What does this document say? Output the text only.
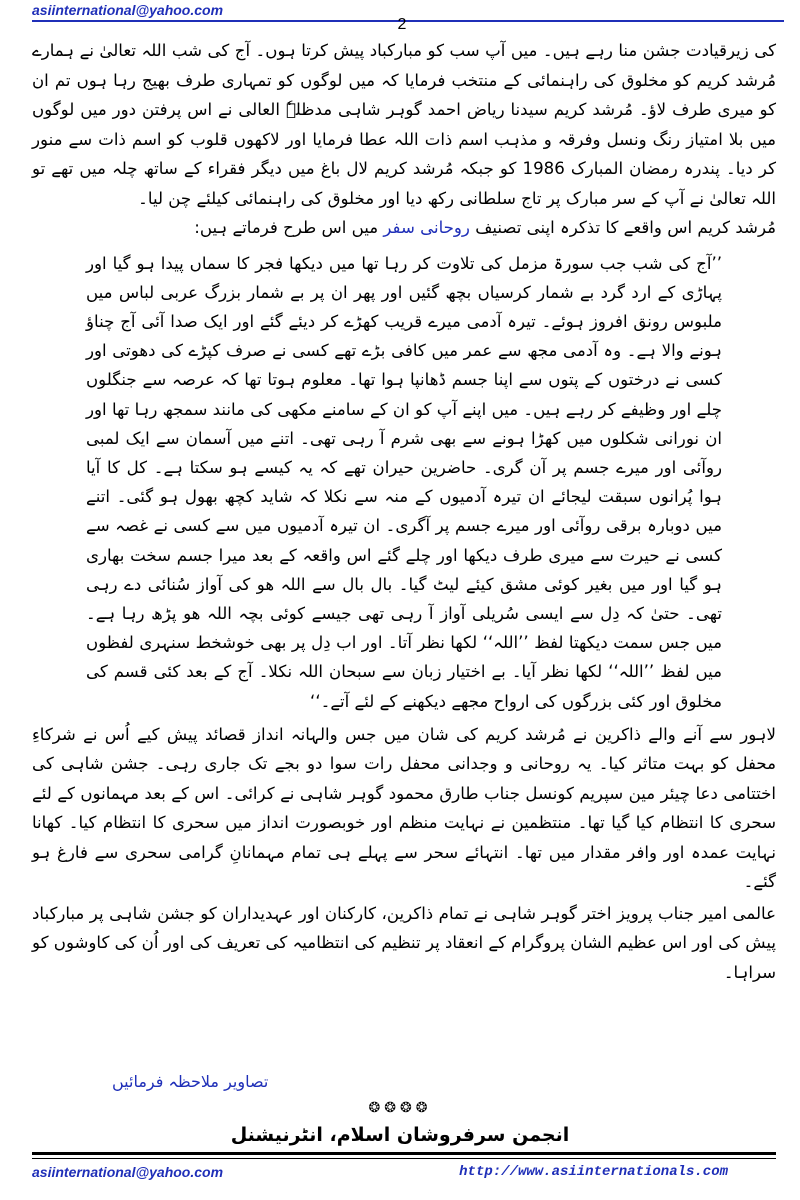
asiinternational@yahoo.com
2

کی زیرقیادت جشن منا رہے ہیں۔ میں آپ سب کو مبارکباد پیش کرتا ہوں۔ آج کی شب اللہ تعالیٰ نے ہمارے مُرشد کریم کو مخلوق کی راہنمائی کے منتخب فرمایا کہ میں لوگوں کو تمہاری طرف بھیج رہا ہوں تم ان کو میری طرف لاؤ۔ مُرشد کریم سیدنا ریاض احمد گوہر شاہی مدظلہٗ العالی نے اس پرفتن دور میں لوگوں میں بلا امتیاز رنگ ونسل وفرقہ و مذہب اسم ذات اللہ عطا فرمایا اور لاکھوں قلوب کو اسم ذات سے منور کر دیا۔ پندرہ رمضان المبارک 1986 کو جبکہ مُرشد کریم لال باغ میں دیگر فقراء کے ساتھ چلہ میں تھے تو اللہ تعالیٰ نے آپ کے سر مبارک پر تاج سلطانی رکھ دیا اور مخلوق کی راہنمائی کیلئے چن لیا۔

مُرشد کریم اس واقعے کا تذکرہ اپنی تصنیف روحانی سفر میں اس طرح فرماتے ہیں:

’’آج کی شب جب سورۃ مزمل کی تلاوت کر رہا تھا میں دیکھا فجر کا سماں پیدا ہو گیا اور پہاڑی کے ارد گرد بے شمار کرسیاں بچھ گئیں اور پھر ان پر بے شمار بزرگ عربی لباس میں ملبوس رونق افروز ہوئے۔ تیرہ آدمی میرے قریب کھڑے کر دیئے گئے اور ایک صدا آئی آج چناؤ ہونے والا ہے۔ وہ آدمی مجھ سے عمر میں کافی بڑے تھے کسی نے صرف کپڑے کی دھوتی اور کسی نے درختوں کے پتوں سے اپنا جسم ڈھانپا ہوا تھا۔ معلوم ہوتا تھا کہ عرصہ سے جنگلوں چلے اور وظیفے کر رہے ہیں۔ میں اپنے آپ کو ان کے سامنے مکھی کی مانند سمجھ رہا تھا اور ان نورانی شکلوں میں کھڑا ہونے سے بھی شرم آ رہی تھی۔ اتنے میں آسمان سے ایک لمبی روآئی اور میرے جسم پر آن گری۔ حاضرین حیران تھے کہ یہ کیسے ہو سکتا ہے۔ کل کا آیا ہوا پُرانوں سبقت لیجائے ان تیرہ آدمیوں کے منہ سے نکلا کہ شاید کچھ بھول ہو گئی۔ اتنے میں دوبارہ برقی روآئی اور میرے جسم پر آگری۔ ان تیرہ آدمیوں میں سے کسی نے غصہ سے کسی نے حیرت سے میری طرف دیکھا اور چلے گئے اس واقعہ کے بعد میرا جسم سخت بھاری ہو گیا اور میں بغیر کوئی مشق کیئے لیٹ گیا۔ بال بال سے اللہ ھو کی آواز سُنائی دے رہی تھی۔ حتیٰ کہ دِل سے ایسی سُریلی آواز آ رہی تھی جیسے کوئی بچہ اللہ ھو پڑھ رہا ہے۔ میں جس سمت دیکھتا لفظ ’’اللہ‘‘ لکھا نظر آتا۔ اور اب دِل پر بھی خوشخط سنہری لفظوں میں لفظ ’’اللہ‘‘ لکھا نظر آیا۔ بے اختیار زبان سے سبحان اللہ نکلا۔ آج کے بعد کئی قسم کی مخلوق اور کئی بزرگوں کی ارواح مجھے دیکھنے کے لئے آتے۔‘‘

لاہور سے آنے والے ذاکرین نے مُرشد کریم کی شان میں جس والہانہ انداز قصائد پیش کیے اُس نے شرکاءِ محفل کو بہت متاثر کیا۔ یہ روحانی و وجدانی محفل رات سوا دو بجے تک جاری رہی۔ جشن شاہی کی اختتامی دعا چیئر مین سپریم کونسل جناب طارق محمود گوہر شاہی نے کرائی۔ اس کے بعد مہمانوں کے لئے سحری کا انتظام کیا گیا تھا۔ منتظمین نے نہایت منظم اور خوبصورت انداز میں سحری کا انتظام کیا۔ کھانا نہایت عمدہ اور وافر مقدار میں تھا۔ انتہائے سحر سے پہلے ہی تمام مہمانانِ گرامی سحری سے فارغ ہو گئے۔

عالمی امیر جناب پرویز اختر گوہر شاہی نے تمام ذاکرین، کارکنان اور عہدیداران کو جشن شاہی پر مبارکباد پیش کی اور اس عظیم الشان پروگرام کے انعقاد پر تنظیم کی انتظامیہ کی تعریف کی اور اُن کی کاوشوں کو سراہا۔

تصاویر ملاحظہ فرمائیں
❂❂❂❂
انجمن سرفروشان اسلام، انٹرنیشنل
asiinternational@yahoo.com	http://www.asiinternationals.com
